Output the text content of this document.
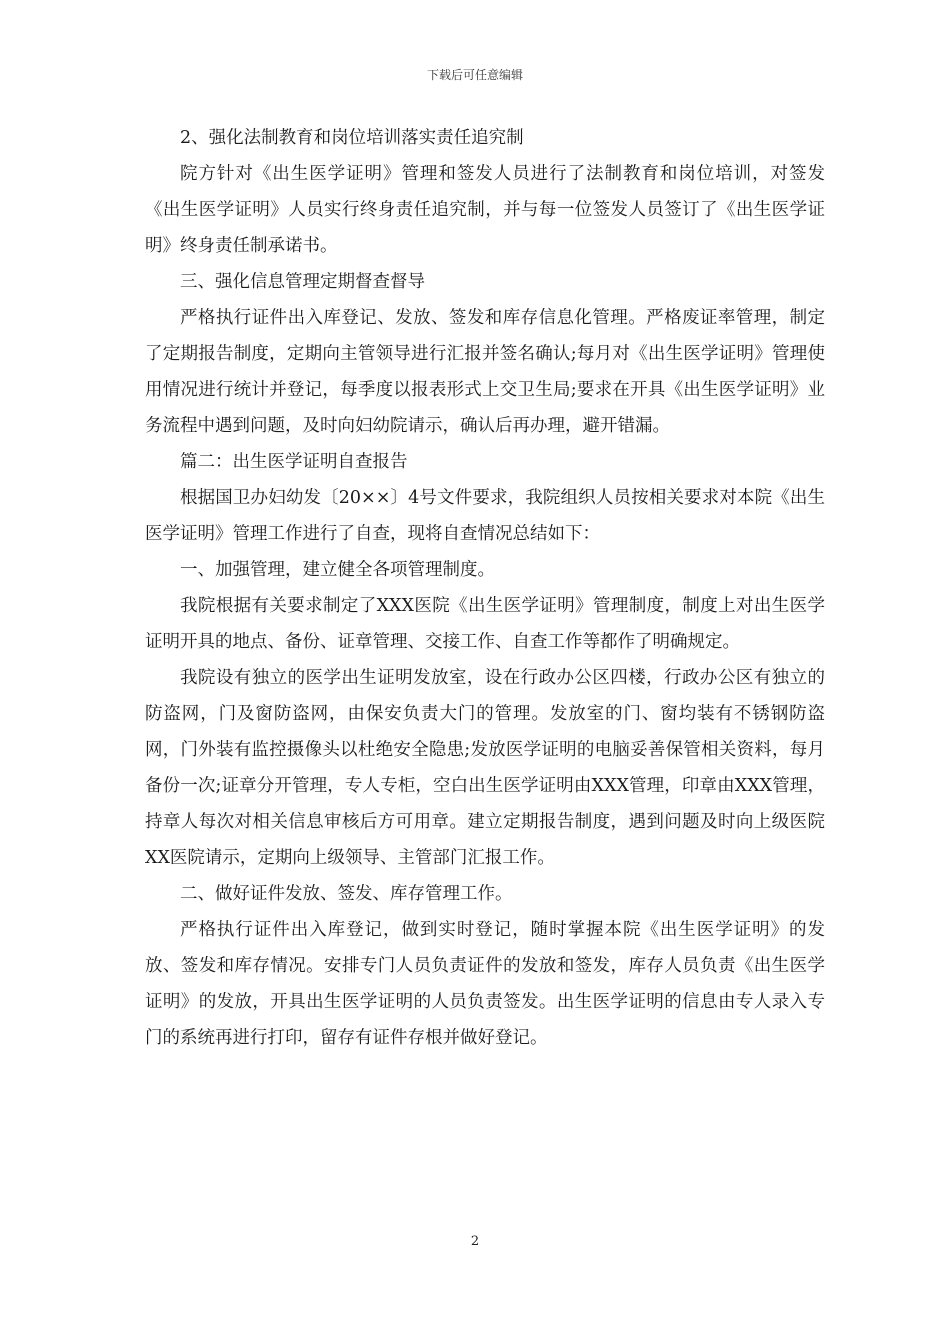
下载后可任意编辑

2、强化法制教育和岗位培训落实责任追究制

院方针对《出生医学证明》管理和签发人员进行了法制教育和岗位培训，对签发《出生医学证明》人员实行终身责任追究制，并与每一位签发人员签订了《出生医学证明》终身责任制承诺书。

三、强化信息管理定期督查督导

严格执行证件出入库登记、发放、签发和库存信息化管理。严格废证率管理，制定了定期报告制度，定期向主管领导进行汇报并签名确认;每月对《出生医学证明》管理使用情况进行统计并登记，每季度以报表形式上交卫生局;要求在开具《出生医学证明》业务流程中遇到问题，及时向妇幼院请示，确认后再办理，避开错漏。

篇二：出生医学证明自查报告

根据国卫办妇幼发〔20××〕4号文件要求，我院组织人员按相关要求对本院《出生医学证明》管理工作进行了自查，现将自查情况总结如下：

一、加强管理，建立健全各项管理制度。

我院根据有关要求制定了XXX医院《出生医学证明》管理制度，制度上对出生医学证明开具的地点、备份、证章管理、交接工作、自查工作等都作了明确规定。

我院设有独立的医学出生证明发放室，设在行政办公区四楼，行政办公区有独立的防盗网，门及窗防盗网，由保安负责大门的管理。发放室的门、窗均装有不锈钢防盗网，门外装有监控摄像头以杜绝安全隐患;发放医学证明的电脑妥善保管相关资料，每月备份一次;证章分开管理，专人专柜，空白出生医学证明由XXX管理，印章由XXX管理，持章人每次对相关信息审核后方可用章。建立定期报告制度，遇到问题及时向上级医院XX医院请示，定期向上级领导、主管部门汇报工作。

二、做好证件发放、签发、库存管理工作。

严格执行证件出入库登记，做到实时登记，随时掌握本院《出生医学证明》的发放、签发和库存情况。安排专门人员负责证件的发放和签发，库存人员负责《出生医学证明》的发放，开具出生医学证明的人员负责签发。出生医学证明的信息由专人录入专门的系统再进行打印，留存有证件存根并做好登记。

2
